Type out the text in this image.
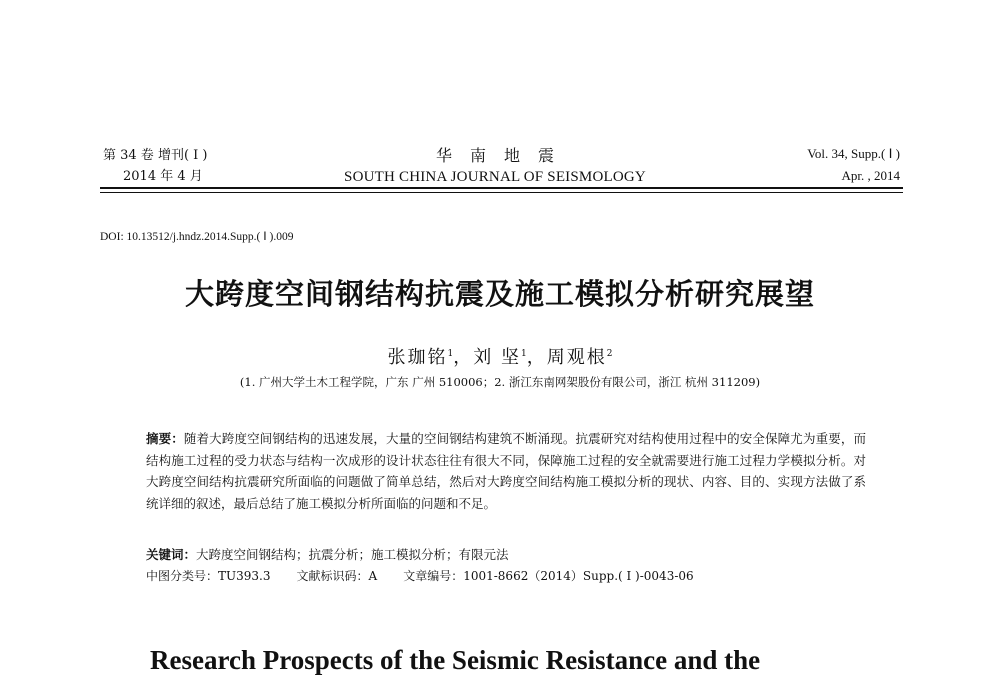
第 34 卷 增刊( Ⅰ )
2014 年 4 月
华南地震
SOUTH CHINA JOURNAL OF SEISMOLOGY
Vol. 34, Supp.( Ⅰ )
Apr. , 2014
DOI: 10.13512/j.hndz.2014.Supp.( Ⅰ ).009
大跨度空间钢结构抗震及施工模拟分析研究展望
张珈铭$^1$，刘 坚$^1$，周观根$^2$
(1. 广州大学土木工程学院，广东 广州 510006；2. 浙江东南网架股份有限公司，浙江 杭州 311209)
摘要：随着大跨度空间钢结构的迅速发展，大量的空间钢结构建筑不断涌现。抗震研究对结构使用过程中的安全保障尤为重要，而结构施工过程的受力状态与结构一次成形的设计状态往往有很大不同，保障施工过程的安全就需要进行施工过程力学模拟分析。对大跨度空间结构抗震研究所面临的问题做了简单总结，然后对大跨度空间结构施工模拟分析的现状、内容、目的、实现方法做了系统详细的叙述，最后总结了施工模拟分析所面临的问题和不足。
关键词：大跨度空间钢结构；抗震分析；施工模拟分析；有限元法
中图分类号：TU393.3 文献标识码：A 文章编号：1001-8662（2014）Supp.( Ⅰ )-0043-06
Research Prospects of the Seismic Resistance and the
